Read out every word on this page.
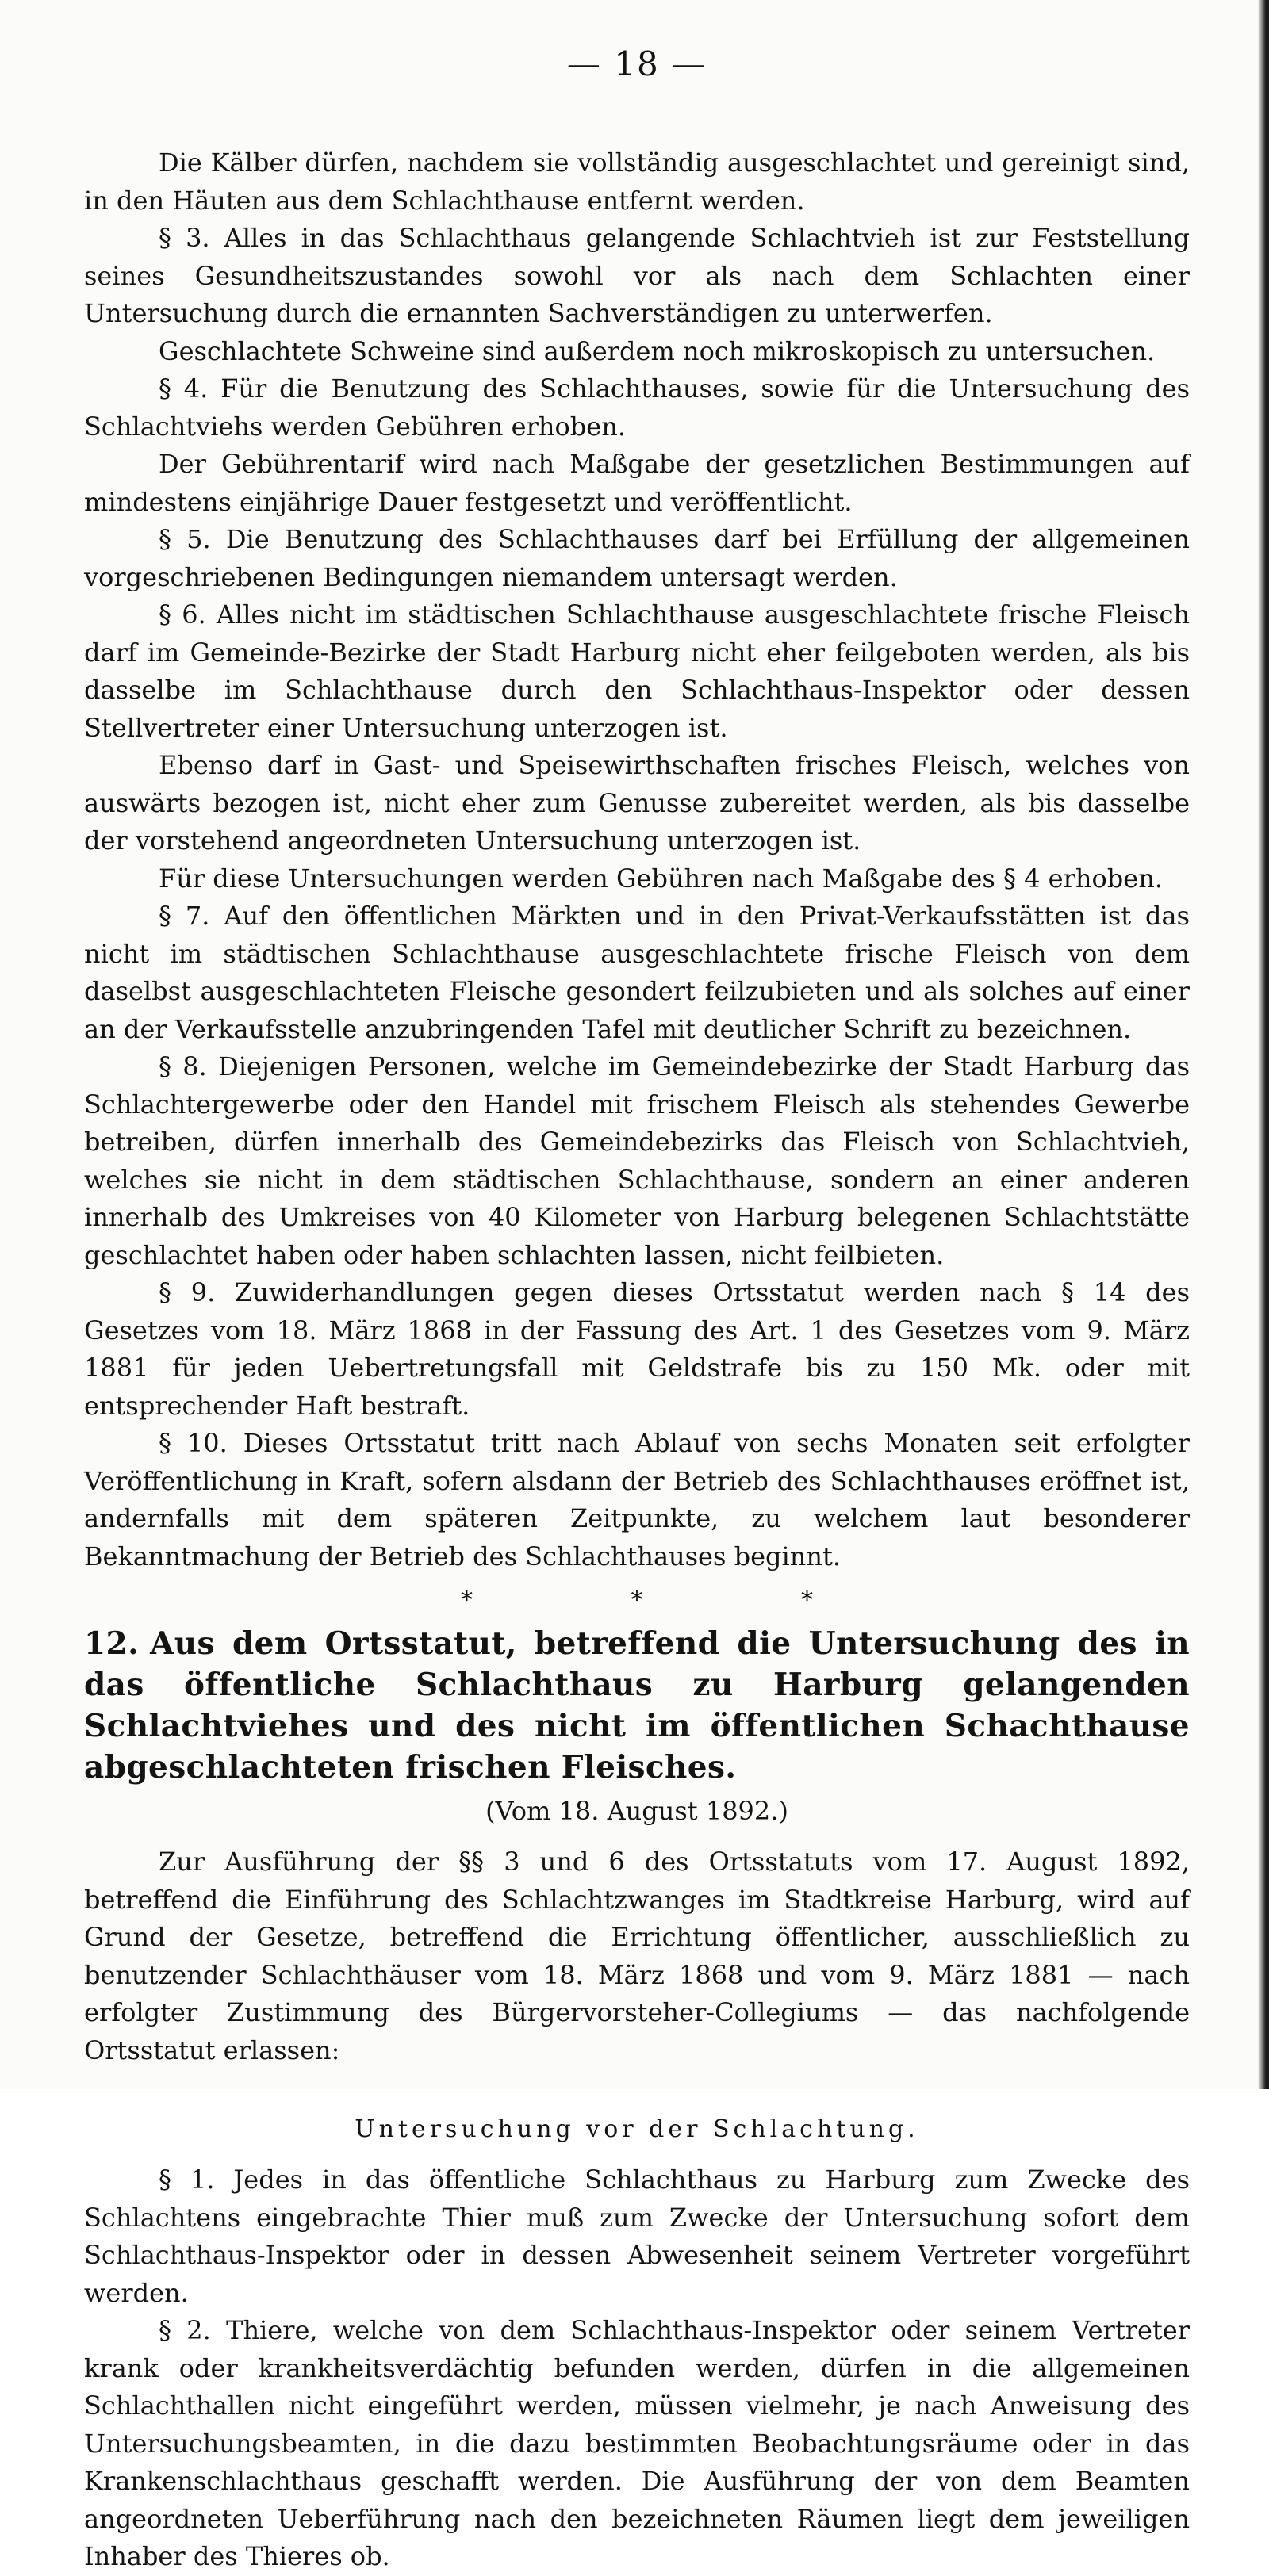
— 18 —

Die Kälber dürfen, nachdem sie vollständig ausgeschlachtet und gereinigt sind, in den Häuten aus dem Schlachthause entfernt werden.

§ 3. Alles in das Schlachthaus gelangende Schlachtvieh ist zur Feststellung seines Gesundheitszustandes sowohl vor als nach dem Schlachten einer Untersuchung durch die ernannten Sachverständigen zu unterwerfen.

Geschlachtete Schweine sind außerdem noch mikroskopisch zu untersuchen.

§ 4. Für die Benutzung des Schlachthauses, sowie für die Untersuchung des Schlachtviehs werden Gebühren erhoben.

Der Gebührentarif wird nach Maßgabe der gesetzlichen Bestimmungen auf mindestens einjährige Dauer festgesetzt und veröffentlicht.

§ 5. Die Benutzung des Schlachthauses darf bei Erfüllung der allgemeinen vorgeschriebenen Bedingungen niemandem untersagt werden.

§ 6. Alles nicht im städtischen Schlachthause ausgeschlachtete frische Fleisch darf im Gemeinde-Bezirke der Stadt Harburg nicht eher feilgeboten werden, als bis dasselbe im Schlachthause durch den Schlachthaus-Inspektor oder dessen Stellvertreter einer Untersuchung unterzogen ist.

Ebenso darf in Gast- und Speisewirthschaften frisches Fleisch, welches von auswärts bezogen ist, nicht eher zum Genusse zubereitet werden, als bis dasselbe der vorstehend angeordneten Untersuchung unterzogen ist.

Für diese Untersuchungen werden Gebühren nach Maßgabe des § 4 erhoben.

§ 7. Auf den öffentlichen Märkten und in den Privat-Verkaufsstätten ist das nicht im städtischen Schlachthause ausgeschlachtete frische Fleisch von dem daselbst ausgeschlachteten Fleische gesondert feilzubieten und als solches auf einer an der Verkaufsstelle anzubringenden Tafel mit deutlicher Schrift zu bezeichnen.

§ 8. Diejenigen Personen, welche im Gemeindebezirke der Stadt Harburg das Schlachtergewerbe oder den Handel mit frischem Fleisch als stehendes Gewerbe betreiben, dürfen innerhalb des Gemeindebezirks das Fleisch von Schlachtvieh, welches sie nicht in dem städtischen Schlachthause, sondern an einer anderen innerhalb des Umkreises von 40 Kilometer von Harburg belegenen Schlachtstätte geschlachtet haben oder haben schlachten lassen, nicht feilbieten.

§ 9. Zuwiderhandlungen gegen dieses Ortsstatut werden nach § 14 des Gesetzes vom 18. März 1868 in der Fassung des Art. 1 des Gesetzes vom 9. März 1881 für jeden Uebertretungsfall mit Geldstrafe bis zu 150 Mk. oder mit entsprechender Haft bestraft.

§ 10. Dieses Ortsstatut tritt nach Ablauf von sechs Monaten seit erfolgter Veröffentlichung in Kraft, sofern alsdann der Betrieb des Schlachthauses eröffnet ist, andernfalls mit dem späteren Zeitpunkte, zu welchem laut besonderer Bekanntmachung der Betrieb des Schlachthauses beginnt.

* * *
12. Aus dem Ortsstatut, betreffend die Untersuchung des in das öffentliche Schlachthaus zu Harburg gelangenden Schlachtviehes und des nicht im öffentlichen Schachthause abgeschlachteten frischen Fleisches.
(Vom 18. August 1892.)

Zur Ausführung der §§ 3 und 6 des Ortsstatuts vom 17. August 1892, betreffend die Einführung des Schlachtzwanges im Stadtkreise Harburg, wird auf Grund der Gesetze, betreffend die Errichtung öffentlicher, ausschließlich zu benutzender Schlachthäuser vom 18. März 1868 und vom 9. März 1881 — nach erfolgter Zustimmung des Bürgervorsteher-Collegiums — das nachfolgende Ortsstatut erlassen:

Untersuchung vor der Schlachtung.

§ 1. Jedes in das öffentliche Schlachthaus zu Harburg zum Zwecke des Schlachtens eingebrachte Thier muß zum Zwecke der Untersuchung sofort dem Schlachthaus-Inspektor oder in dessen Abwesenheit seinem Vertreter vorgeführt werden.

§ 2. Thiere, welche von dem Schlachthaus-Inspektor oder seinem Vertreter krank oder krankheitsverdächtig befunden werden, dürfen in die allgemeinen Schlachthallen nicht eingeführt werden, müssen vielmehr, je nach Anweisung des Untersuchungsbeamten, in die dazu bestimmten Beobachtungsräume oder in das Krankenschlachthaus geschafft werden. Die Ausführung der von dem Beamten angeordneten Ueberführung nach den bezeichneten Räumen liegt dem jeweiligen Inhaber des Thieres ob.
